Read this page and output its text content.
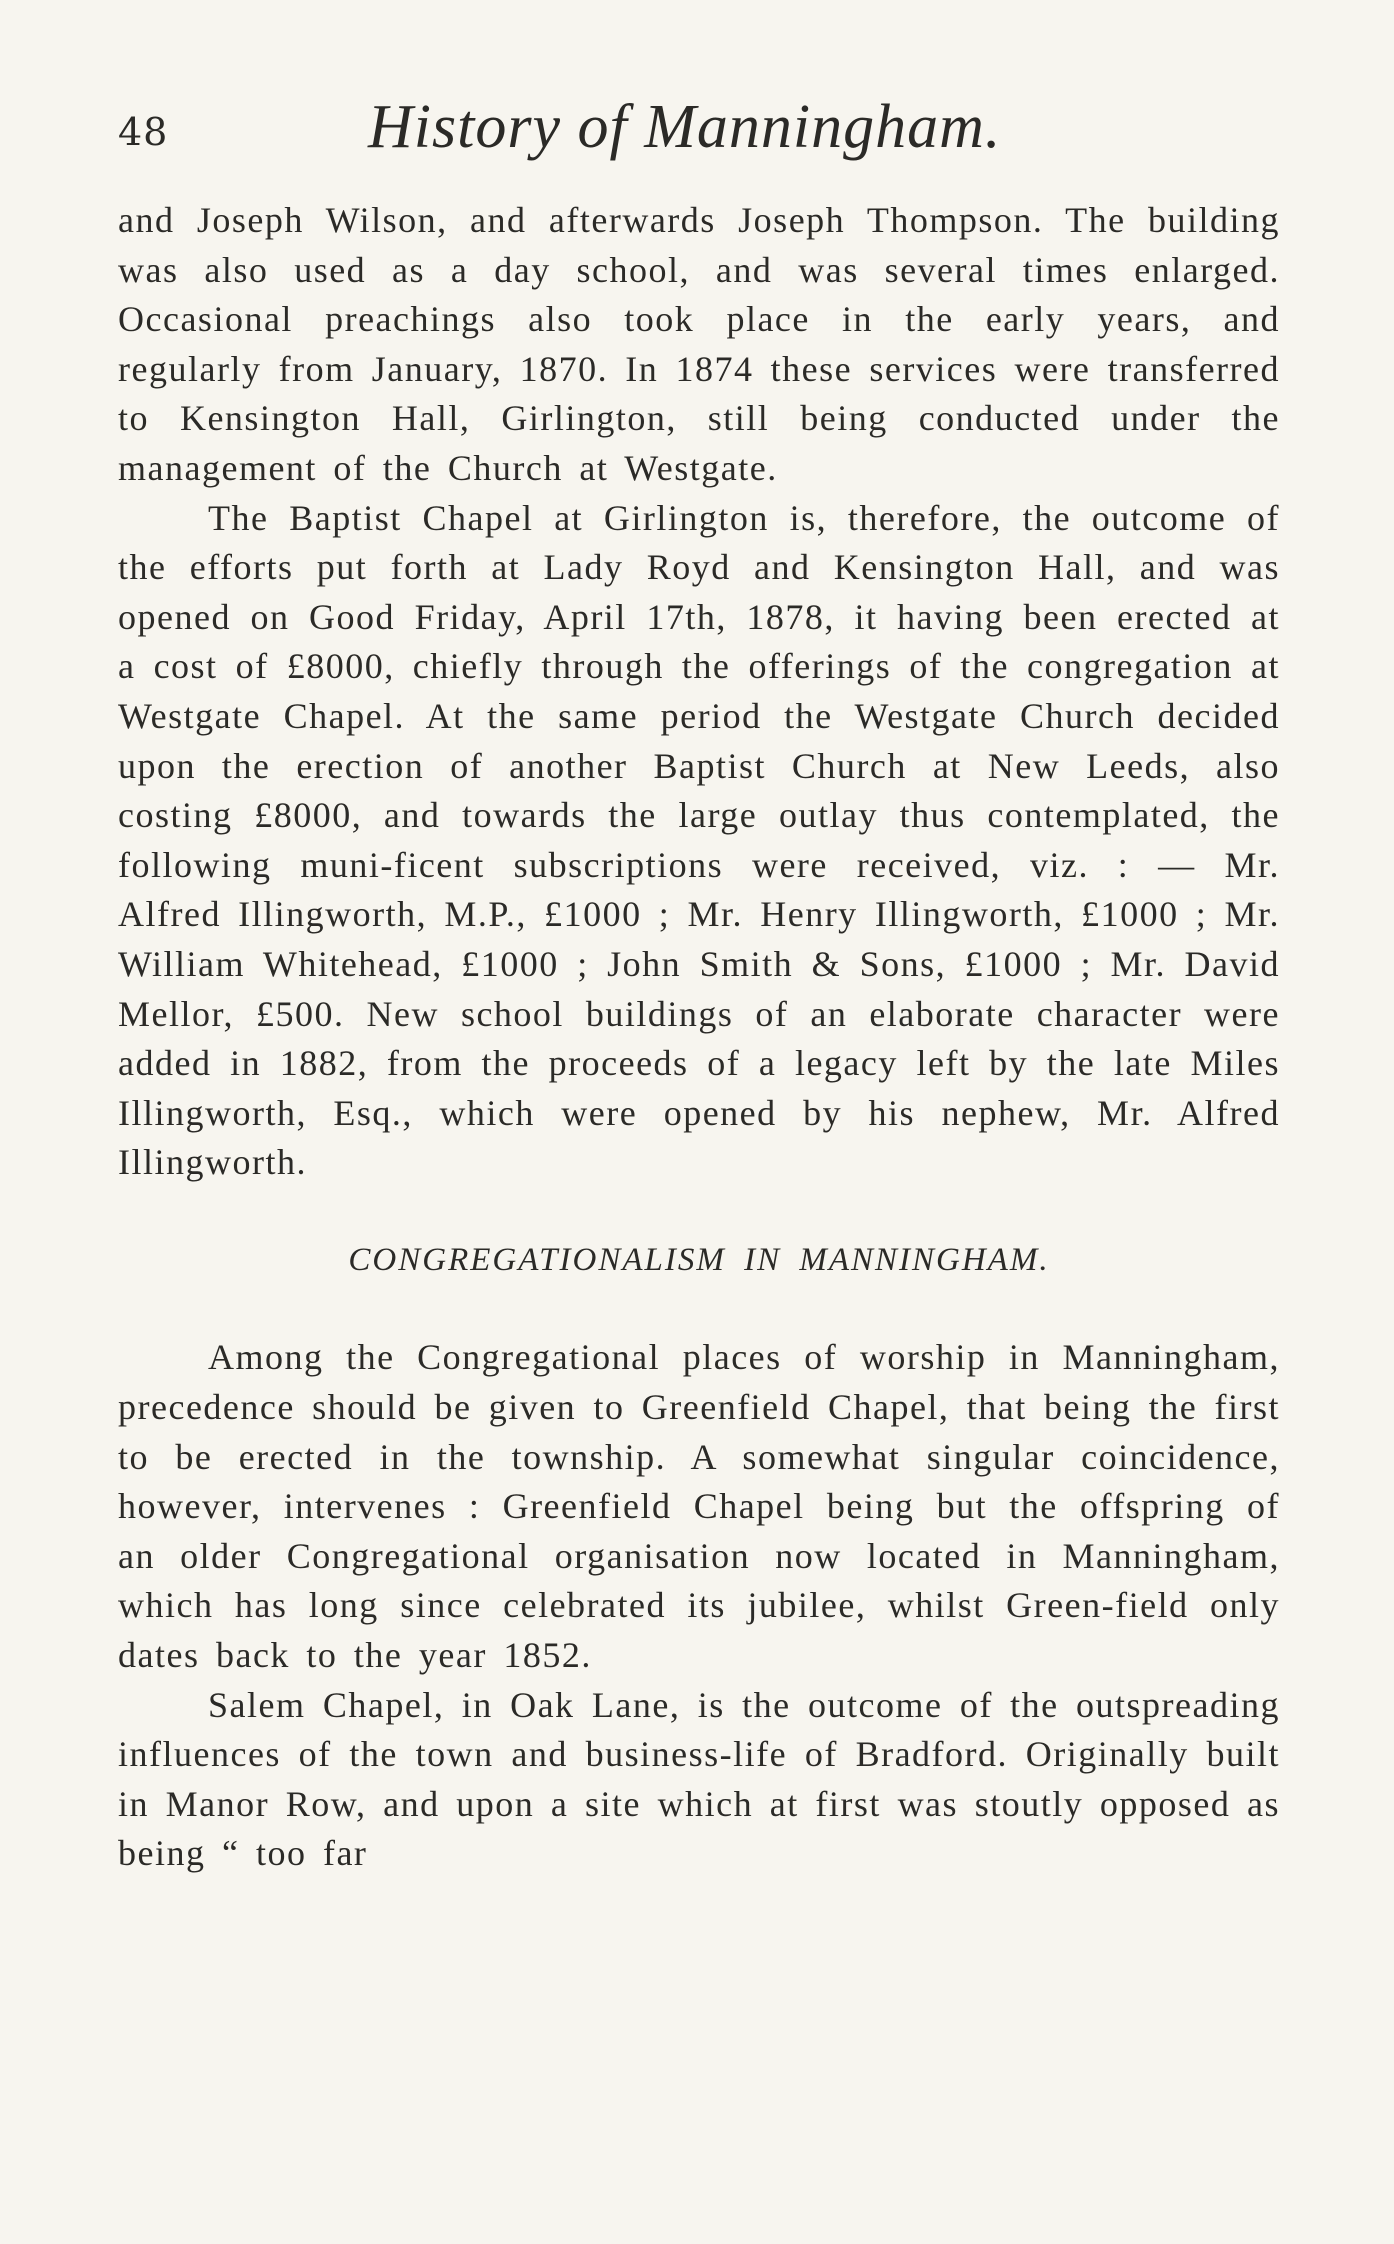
48	History of Manningham.

and Joseph Wilson, and afterwards Joseph Thompson. The building was also used as a day school, and was several times enlarged. Occasional preachings also took place in the early years, and regularly from January, 1870. In 1874 these services were transferred to Kensington Hall, Girlington, still being conducted under the management of the Church at Westgate.

The Baptist Chapel at Girlington is, therefore, the outcome of the efforts put forth at Lady Royd and Kensington Hall, and was opened on Good Friday, April 17th, 1878, it having been erected at a cost of £8000, chiefly through the offerings of the congregation at Westgate Chapel. At the same period the Westgate Church decided upon the erection of another Baptist Church at New Leeds, also costing £8000, and towards the large outlay thus contemplated, the following muni-ficent subscriptions were received, viz. : — Mr. Alfred Illingworth, M.P., £1000 ; Mr. Henry Illingworth, £1000 ; Mr. William Whitehead, £1000 ; John Smith & Sons, £1000 ; Mr. David Mellor, £500. New school buildings of an elaborate character were added in 1882, from the proceeds of a legacy left by the late Miles Illingworth, Esq., which were opened by his nephew, Mr. Alfred Illingworth.

CONGREGATIONALISM IN MANNINGHAM.

Among the Congregational places of worship in Manningham, precedence should be given to Greenfield Chapel, that being the first to be erected in the township. A somewhat singular coincidence, however, intervenes : Greenfield Chapel being but the offspring of an older Congregational organisation now located in Manningham, which has long since celebrated its jubilee, whilst Green-field only dates back to the year 1852.

Salem Chapel, in Oak Lane, is the outcome of the outspreading influences of the town and business-life of Bradford. Originally built in Manor Row, and upon a site which at first was stoutly opposed as being “ too far
